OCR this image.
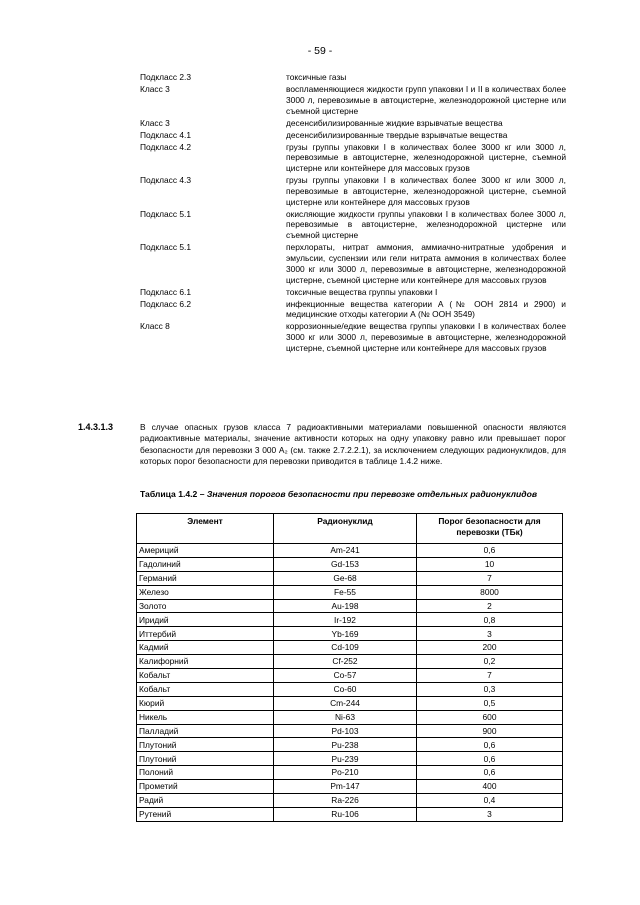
- 59 -
Подкласс 2.3	токсичные газы
Класс 3	воспламеняющиеся жидкости групп упаковки I и II в количествах более 3000 л, перевозимые в автоцистерне, железнодорожной цистерне или съемной цистерне
Класс 3	десенсибилизированные жидкие взрывчатые вещества
Подкласс 4.1	десенсибилизированные твердые взрывчатые вещества
Подкласс 4.2	грузы группы упаковки I в количествах более 3000 кг или 3000 л, перевозимые в автоцистерне, железнодорожной цистерне, съемной цистерне или контейнере для массовых грузов
Подкласс 4.3	грузы группы упаковки I в количествах более 3000 кг или 3000 л, перевозимые в автоцистерне, железнодорожной цистерне, съемной цистерне или контейнере для массовых грузов
Подкласс 5.1	окисляющие жидкости группы упаковки I в количествах более 3000 л, перевозимые в автоцистерне, железнодорожной цистерне или съемной цистерне
Подкласс 5.1	перхлораты, нитрат аммония, аммиачно-нитратные удобрения и эмульсии, суспензии или гели нитрата аммония в количествах более 3000 кг или 3000 л, перевозимые в автоцистерне, железнодорожной цистерне, съемной цистерне или контейнере для массовых грузов
Подкласс 6.1	токсичные вещества группы упаковки I
Подкласс 6.2	инфекционные вещества категории А (№ ООН 2814 и 2900) и медицинские отходы категории А (№ ООН 3549)
Класс 8	коррозионные/едкие вещества группы упаковки I в количествах более 3000 кг или 3000 л, перевозимые в автоцистерне, железнодорожной цистерне, съемной цистерне или контейнере для массовых грузов
1.4.3.1.3	В случае опасных грузов класса 7 радиоактивными материалами повышенной опасности являются радиоактивные материалы, значение активности которых на одну упаковку равно или превышает порог безопасности для перевозки 3 000 A₂ (см. также 2.7.2.2.1), за исключением следующих радионуклидов, для которых порог безопасности для перевозки приводится в таблице 1.4.2 ниже.
Таблица 1.4.2 – Значения порогов безопасности при перевозке отдельных радионуклидов
Элемент	Радионуклид	Порог безопасности для перевозки (ТБк)
Америций	Am-241	0,6
Гадолиний	Gd-153	10
Германий	Ge-68	7
Железо	Fe-55	8000
Золото	Au-198	2
Иридий	Ir-192	0,8
Иттербий	Yb-169	3
Кадмий	Cd-109	200
Калифорний	Cf-252	0,2
Кобальт	Co-57	7
Кобальт	Co-60	0,3
Кюрий	Cm-244	0,5
Никель	Ni-63	600
Палладий	Pd-103	900
Плутоний	Pu-238	0,6
Плутоний	Pu-239	0,6
Полоний	Po-210	0,6
Прометий	Pm-147	400
Радий	Ra-226	0,4
Рутений	Ru-106	3
